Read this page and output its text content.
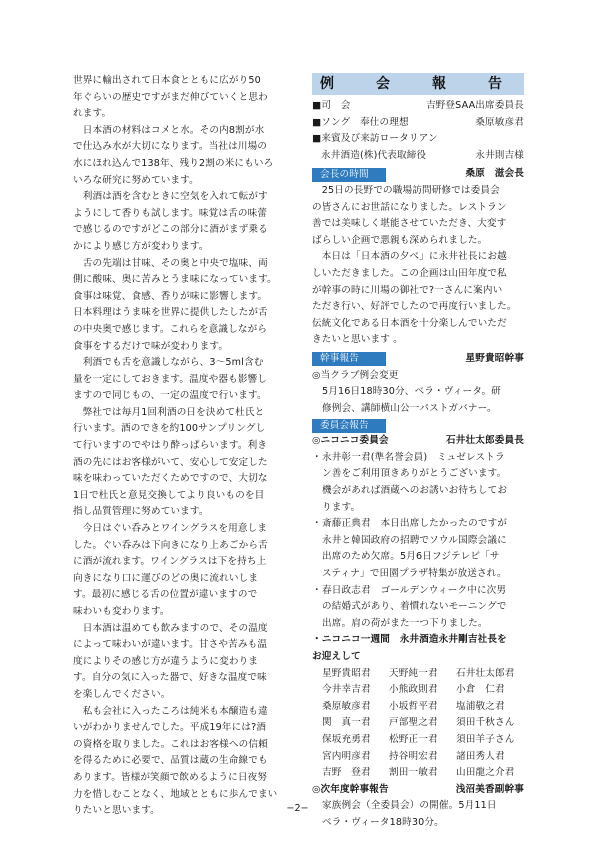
世界に輸出されて日本食とともに広がり50
年ぐらいの歴史ですがまだ伸びていくと思わ
れます。

　日本酒の材料はコメと水。その内8割が水
で仕込み水が大切になります。当社は川場の
水にほれ込んで138年、残り2割の米にもいろ
いろな研究に努めています。

　利酒は酒を含むときに空気を入れて転がす
ようにして香りも試します。味覚は舌の味蕾
で感じるのですがどこの部分に酒がまず乗る
かにより感じ方が変わります。

　舌の先端は甘味、その奥と中央で塩味、両
側に酸味、奥に苦みとうま味になっています。
食事は味覚、食感、香りが味に影響します。
日本料理はうま味を世界に提供したしたが舌
の中央奥で感じます。これらを意識しながら
食事をするだけで味が変わります。

　利酒でも舌を意識しながら、3〜5ml含む
量を一定にしておきます。温度や器も影響し
ますので同じもの、一定の温度で行います。

　弊社では毎月1回利酒の日を決めて杜氏と
行います。酒のできを約100サンプリングし
て行いますのでやはり酔っぱらいます。利き
酒の先にはお客様がいて、安心して安定した
味を味わっていただくためですので、大切な
1日で杜氏と意見交換してより良いものを目
指し品質管理に努めています。

　今日はぐい呑みとワイングラスを用意しま
した。ぐい呑みは下向きになり上あごから舌
に酒が流れます。ワイングラスは下を持ち上
向きになり口に運びのどの奥に流れいしま
す。最初に感じる舌の位置が違いますので
味わいも変わります。

　日本酒は温めても飲みますので、その温度
によって味わいが違います。甘さや苦みも温
度によりその感じ方が違うように変わりま
す。自分の気に入った器で、好きな温度で味
を楽しんでください。

　私も会社に入ったころは純米も本醸造も違
いがわかりませんでした。平成19年には?酒
の資格を取りました。これはお客様への信頼
を得るために必要で、品質は蔵の生命線でも
あります。皆様が笑顔で飲めるように日夜努
力を惜しむことなく、地域とともに歩んでまい
りたいと思います。

例　会　報　告
■司　会	吉野登SAA出席委員長
■ソング　奉仕の理想	桑原敏彦君
■来賓及び来訪ロータリアン
永井酒造(株)代表取締役	永井則吉様
会長の時間	桑原　滋会長

　25日の長野での職場訪問研修では委員会
の皆さんにお世話になりました。レストラン
善では美味しく堪能させていただき、大変す
ばらしい企画で悪親も深められました。

　本日は「日本酒の夕べ」に永井社長にお越
しいただきました。この企画は山田年度で私
が幹事の時に川場の御社で?一さんに案内い
ただき行い、好評でしたので再度行いました。
伝統文化である日本酒を十分楽しんでいただ
きたいと思います 。

幹事報告	星野貴昭幹事
◎当クラブ例会変更

5月16日18時30分、ベラ・ヴィータ。研
修例会、講師横山公一パストガバナー。

委員会報告
◎ニコニコ委員会	石井壮太郎委員長
・ 永井彰一君(準名誉会員)　ミュゼレストラ
ン善をご利用頂きありがとうございます。
機会があれば酒蔵へのお誘いお待ちしてお
ります。
・ 斎藤正典君　本日出席したかったのですが
永井と韓国政府の招聘でソウル国際会議に
出席のため欠席。5月6日フジテレビ「サ
スティナ」で田園プラザ特集が放送され。
・ 春日政志君　ゴールデンウィーク中に次男
の結婚式があり、着慣れないモーニングで
出席。肩の荷がまた一つ下りました。
・ニコニコ一週間　永井酒造永井剛吉社長を
お迎えして
星野貴昭君	天野純一君	石井壮太郎君
今井幸吉君	小熊政則君	小倉　仁君
桑原敏彦君	小坂哲平君	塩浦敬之君
関　真一君	戸部聖之君	須田千秋さん
保坂充勇君	松野正一君	須田羊子さん
宮内明彦君	持谷明宏君	諸田秀人君
吉野　登君	割田一敏君	山田龍之介君
◎次年度幹事報告	浅沼美香副幹事

家族例会（全委員会）の開催。5月11日
ベラ・ヴィータ18時30分。

−2−
